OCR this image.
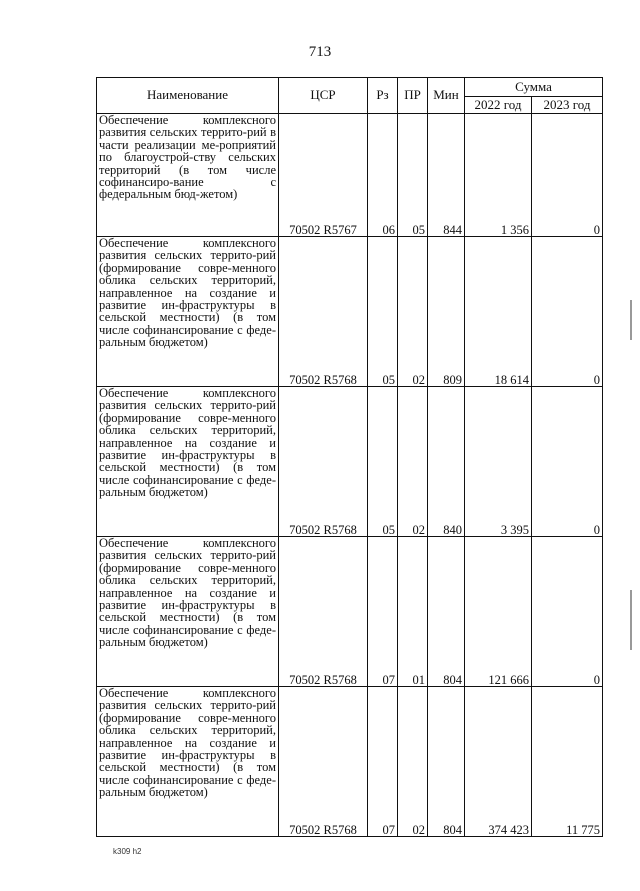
713
Наименование	ЦСР	Рз	ПР	Мин	Сумма	
					2022 год	2023 год
Обеспечение комплексного развития сельских террито-рий в части реализации ме-роприятий по благоустрой-ству сельских территорий (в том числе софинансиро-вание с федеральным бюд-жетом)	70502 R5767	06	05	844	1 356	0
Обеспечение комплексного развития сельских террито-рий (формирование совре-менного облика сельских территорий, направленное на создание и развитие ин-фраструктуры в сельской местности) (в том числе софинансирование с феде-ральным бюджетом)	70502 R5768	05	02	809	18 614	0
Обеспечение комплексного развития сельских террито-рий (формирование совре-менного облика сельских территорий, направленное на создание и развитие ин-фраструктуры в сельской местности) (в том числе софинансирование с феде-ральным бюджетом)	70502 R5768	05	02	840	3 395	0
Обеспечение комплексного развития сельских террито-рий (формирование совре-менного облика сельских территорий, направленное на создание и развитие ин-фраструктуры в сельской местности) (в том числе софинансирование с феде-ральным бюджетом)	70502 R5768	07	01	804	121 666	0
Обеспечение комплексного развития сельских террито-рий (формирование совре-менного облика сельских территорий, направленное на создание и развитие ин-фраструктуры в сельской местности) (в том числе софинансирование с феде-ральным бюджетом)	70502 R5768	07	02	804	374 423	11 775
k309 h2
